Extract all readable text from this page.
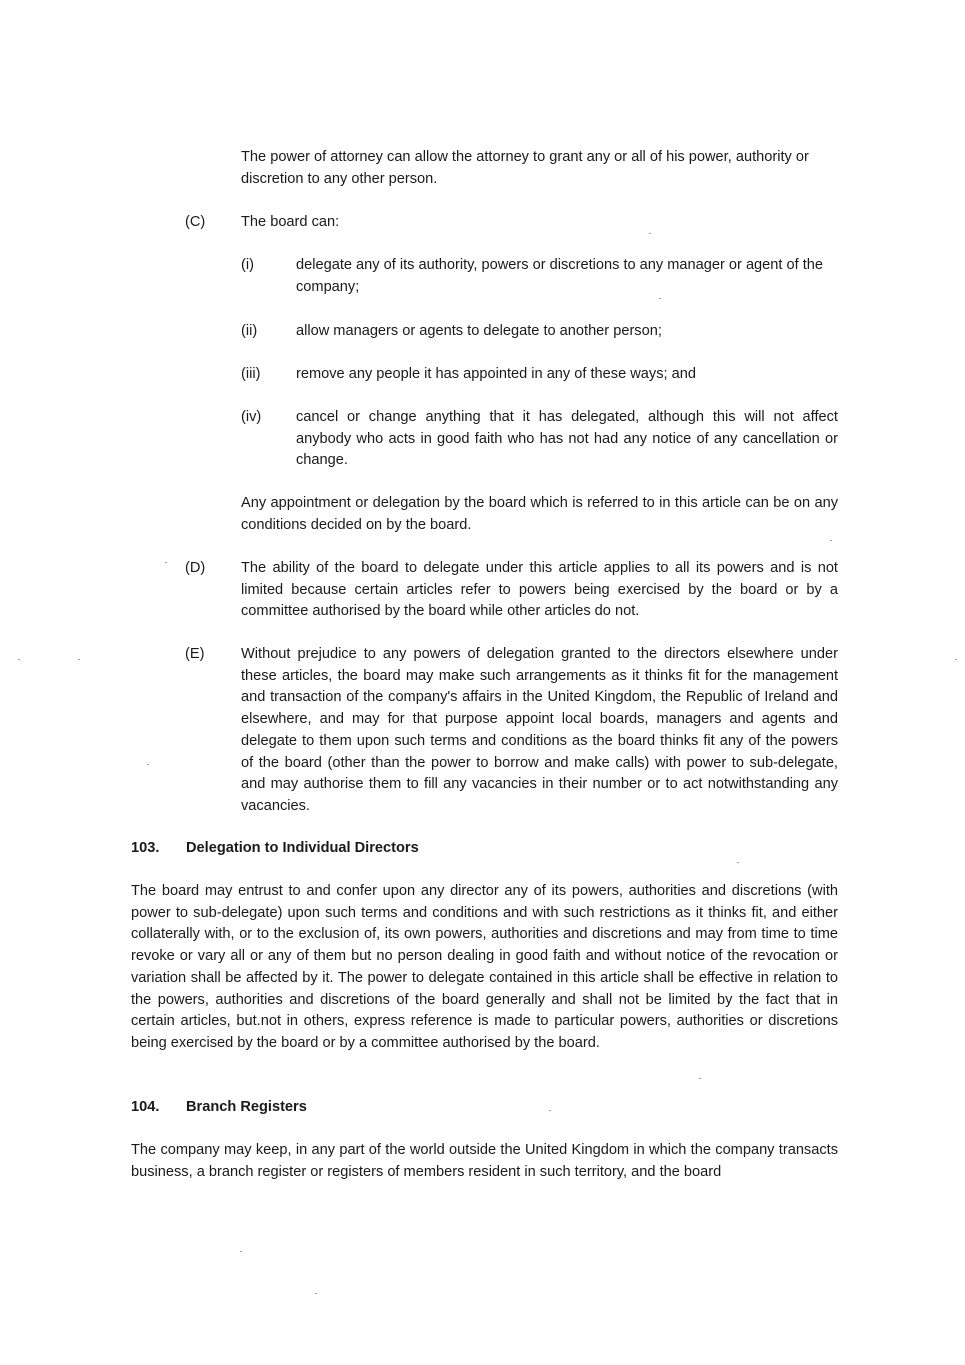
The power of attorney can allow the attorney to grant any or all of his power, authority or discretion to any other person.

(C) The board can:

(i)	delegate any of its authority, powers or discretions to any manager or agent of the company;

(ii)	allow managers or agents to delegate to another person;

(iii) remove any people it has appointed in any of these ways; and

(iv) cancel or change anything that it has delegated, although this will not affect anybody who acts in good faith who has not had any notice of any cancellation or change.

Any appointment or delegation by the board which is referred to in this article can be on any conditions decided on by the board.

(D) The ability of the board to delegate under this article applies to all its powers and is not limited because certain articles refer to powers being exercised by the board or by a committee authorised by the board while other articles do not.

(E)	Without prejudice to any powers of delegation granted to the directors elsewhere under these articles, the board may make such arrangements as it thinks fit for the management and transaction of the company's affairs in the United Kingdom, the Republic of Ireland and elsewhere, and may for that purpose appoint local boards, managers and agents and delegate to them upon such terms and conditions as the board thinks fit any of the powers of the board (other than the power to borrow and make calls) with power to sub-delegate, and may authorise them to fill any vacancies in their number or to act notwithstanding any vacancies.

103. Delegation to Individual Directors

The board may entrust to and confer upon any director any of its powers, authorities and discretions (with power to sub-delegate) upon such terms and conditions and with such restrictions as it thinks fit, and either collaterally with, or to the exclusion of, its own powers, authorities and discretions and may from time to time revoke or vary all or any of them but no person dealing in good faith and without notice of the revocation or variation shall be affected by it. The power to delegate contained in this article shall be effective in relation to the powers, authorities and discretions of the board generally and shall not be limited by the fact that in certain articles, but.not in others, express reference is made to particular powers, authorities or discretions being exercised by the board or by a committee authorised by the board.

104. Branch Registers

The company may keep, in any part of the world outside the United Kingdom in which the company transacts business, a branch register or registers of members resident in such territory, and the board
